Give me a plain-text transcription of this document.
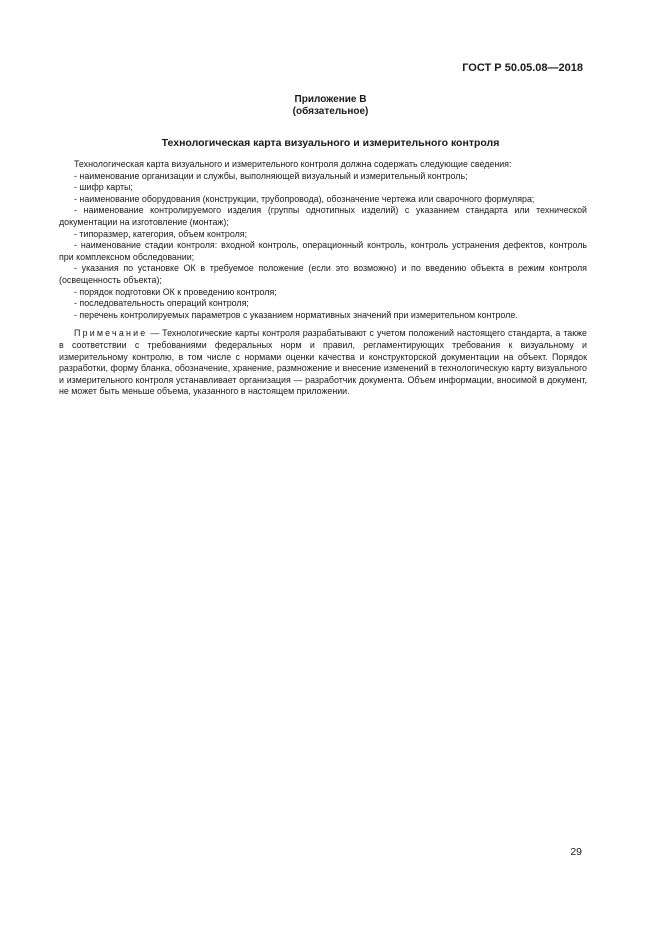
ГОСТ Р 50.05.08—2018
Приложение В
(обязательное)
Технологическая карта визуального и измерительного контроля

Технологическая карта визуального и измерительного контроля должна содержать следующие сведения:

- наименование организации и службы, выполняющей визуальный и измерительный контроль;

- шифр карты;

- наименование оборудования (конструкции, трубопровода), обозначение чертежа или сварочного формуляра;

- наименование контролируемого изделия (группы однотипных изделий) с указанием стандарта или технической документации на изготовление (монтаж);

- типоразмер, категория, объем контроля;

- наименование стадии контроля: входной контроль, операционный контроль, контроль устранения дефектов, контроль при комплексном обследовании;

- указания по установке ОК в требуемое положение (если это возможно) и по введению объекта в режим контроля (освещенность объекта);

- порядок подготовки ОК к проведению контроля;

- последовательность операций контроля;

- перечень контролируемых параметров с указанием нормативных значений при измерительном контроле.

Примечание — Технологические карты контроля разрабатывают с учетом положений настоящего стандарта, а также в соответствии с требованиями федеральных норм и правил, регламентирующих требования к визуальному и измерительному контролю, в том числе с нормами оценки качества и конструкторской документации на объект. Порядок разработки, форму бланка, обозначение, хранение, размножение и внесение изменений в технологическую карту визуального и измерительного контроля устанавливает организация — разработчик документа. Объем информации, вносимой в документ, не может быть меньше объема, указанного в настоящем приложении.

29
